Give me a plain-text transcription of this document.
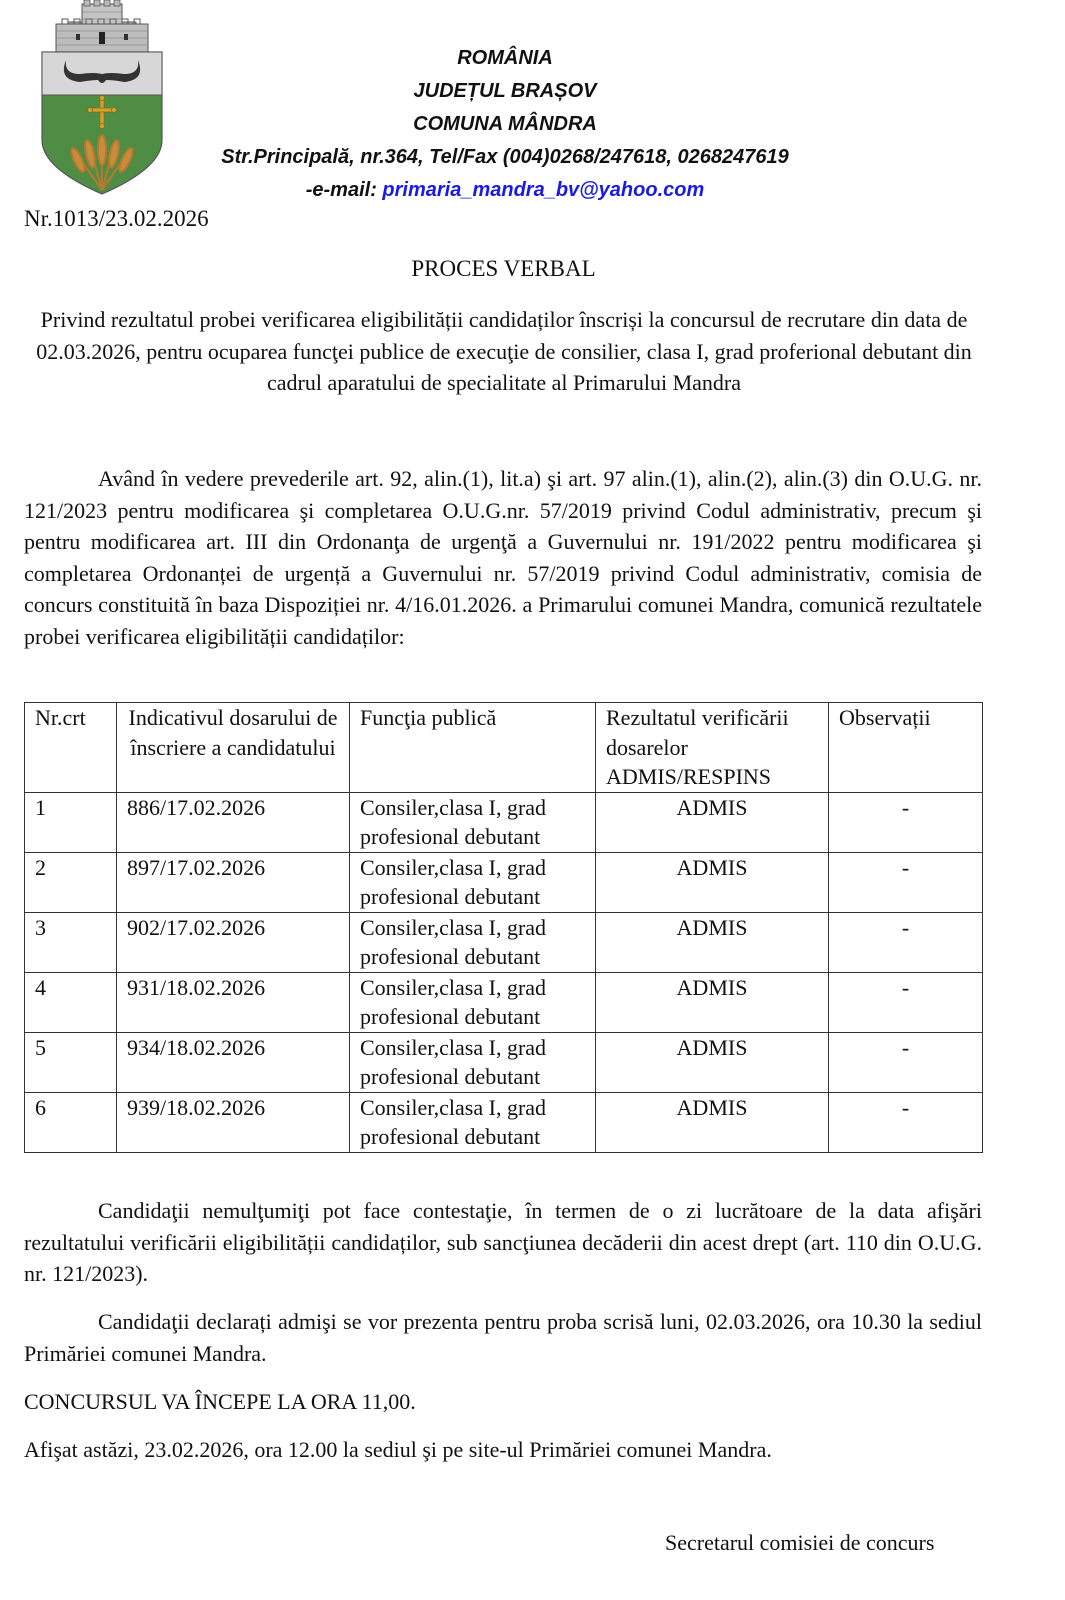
ROMÂNIA
JUDEȚUL BRAȘOV
COMUNA MÂNDRA
Str.Principală, nr.364, Tel/Fax (004)0268/247618, 0268247619
-e-mail: primaria_mandra_bv@yahoo.com
Nr.1013/23.02.2026
PROCES VERBAL
Privind rezultatul probei verificarea eligibilității candidaților înscriși la concursul de recrutare din data de 02.03.2026, pentru ocuparea funcţei publice de execuţie de consilier, clasa I, grad proferional debutant din cadrul aparatului de specialitate al Primarului Mandra
Având în vedere prevederile art. 92, alin.(1), lit.a) şi art. 97 alin.(1), alin.(2), alin.(3) din O.U.G. nr. 121/2023 pentru modificarea şi completarea O.U.G.nr. 57/2019 privind Codul administrativ, precum şi pentru modificarea art. III din Ordonanţa de urgenţă a Guvernului nr. 191/2022 pentru modificarea şi completarea Ordonanței de urgență a Guvernului nr. 57/2019 privind Codul administrativ, comisia de concurs constituită în baza Dispoziției nr. 4/16.01.2026. a Primarului comunei Mandra, comunică rezultatele probei verificarea eligibilității candidaților:
Nr.crt	Indicativul dosarului de înscriere a candidatului	Funcţia publică	Rezultatul verificării dosarelor ADMIS/RESPINS	Observații
1	886/17.02.2026	Consiler,clasa I, grad profesional debutant	ADMIS	-
2	897/17.02.2026	Consiler,clasa I, grad profesional debutant	ADMIS	-
3	902/17.02.2026	Consiler,clasa I, grad profesional debutant	ADMIS	-
4	931/18.02.2026	Consiler,clasa I, grad profesional debutant	ADMIS	-
5	934/18.02.2026	Consiler,clasa I, grad profesional debutant	ADMIS	-
6	939/18.02.2026	Consiler,clasa I, grad profesional debutant	ADMIS	-
Candidaţii nemulţumiţi pot face contestaţie, în termen de o zi lucrătoare de la data afişări rezultatului verificării eligibilității candidaților, sub sancţiunea decăderii din acest drept (art. 110 din O.U.G. nr. 121/2023).
Candidaţii declarați admişi se vor prezenta pentru proba scrisă luni, 02.03.2026, ora 10.30 la sediul Primăriei comunei Mandra.
CONCURSUL VA ÎNCEPE LA ORA 11,00.
Afişat astăzi, 23.02.2026, ora 12.00 la sediul şi pe site-ul Primăriei comunei Mandra.
Secretarul comisiei de concurs
